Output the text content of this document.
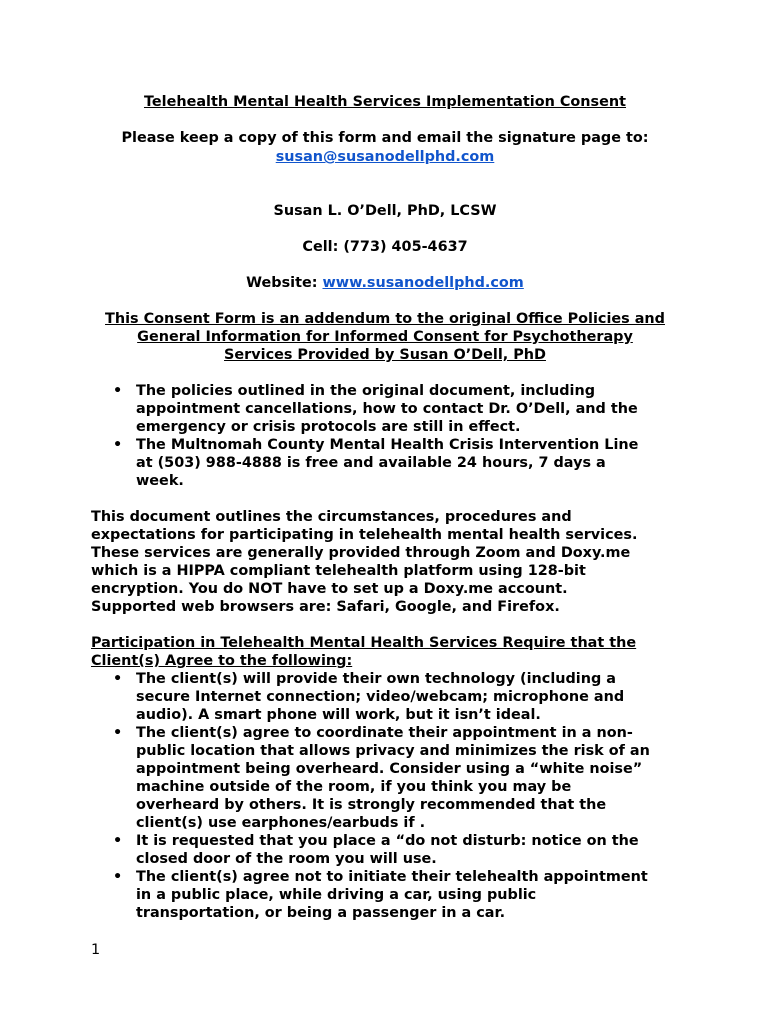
Telehealth Mental Health Services Implementation Consent
Please keep a copy of this form and email the signature page to:
susan@susanodellphd.com
Susan L. O’Dell, PhD, LCSW
Cell: (773) 405-4637
Website: www.susanodellphd.com
This Consent Form is an addendum to the original Office Policies and
General Information for Informed Consent for Psychotherapy
Services Provided by Susan O’Dell, PhD
• The policies outlined in the original document, including
appointment cancellations, how to contact Dr. O’Dell, and the
emergency or crisis protocols are still in effect.
• The Multnomah County Mental Health Crisis Intervention Line
at (503) 988-4888 is free and available 24 hours, 7 days a
week.
This document outlines the circumstances, procedures and
expectations for participating in telehealth mental health services.
These services are generally provided through Zoom and Doxy.me
which is a HIPPA compliant telehealth platform using 128-bit
encryption. You do NOT have to set up a Doxy.me account.
Supported web browsers are: Safari, Google, and Firefox.
Participation in Telehealth Mental Health Services Require that the
Client(s) Agree to the following:
• The client(s) will provide their own technology (including a
secure Internet connection; video/webcam; microphone and
audio). A smart phone will work, but it isn’t ideal.
• The client(s) agree to coordinate their appointment in a non-
public location that allows privacy and minimizes the risk of an
appointment being overheard. Consider using a “white noise”
machine outside of the room, if you think you may be
overheard by others. It is strongly recommended that the
client(s) use earphones/earbuds if .
• It is requested that you place a “do not disturb: notice on the
closed door of the room you will use.
• The client(s) agree not to initiate their telehealth appointment
in a public place, while driving a car, using public
transportation, or being a passenger in a car.
1
